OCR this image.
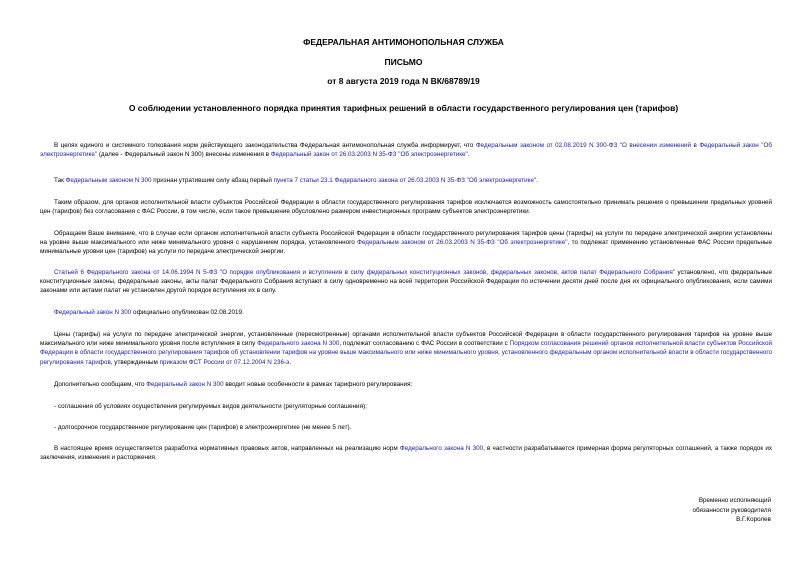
ФЕДЕРАЛЬНАЯ АНТИМОНОПОЛЬНАЯ СЛУЖБА
ПИСЬМО
от 8 августа 2019 года N ВК/68789/19
О соблюдении установленного порядка принятия тарифных решений в области государственного регулирования цен (тарифов)

В целях единого и системного толкования норм действующего законодательства Федеральная антимонопольная служба информирует, что Федеральным законом от 02.08.2019 N 300-ФЗ "О внесении изменений в Федеральный закон "Об электроэнергетике" (далее - Федеральный закон N 300) внесены изменения в Федеральный закон от 26.03.2003 N 35-ФЗ "Об электроэнергетике".

Так Федеральным законом N 300 признан утратившим силу абзац первый пункта 7 статьи 23.1 Федерального закона от 26.03.2003 N 35-ФЗ "Об электроэнергетике".

Таким образом, для органов исполнительной власти субъектов Российской Федерации в области государственного регулирования тарифов исключается возможность самостоятельно принимать решения о превышении предельных уровней цен (тарифов) без согласования с ФАС России, в том числе, если такое превышение обусловлено размером инвестиционных программ субъектов электроэнергетики.

Обращаем Ваше внимание, что в случае если органом исполнительной власти субъекта Российской Федерации в области государственного регулирования тарифов цены (тарифы) на услуги по передаче электрической энергии установлены на уровне выше максимального или ниже минимального уровня с нарушением порядка, установленного Федеральным законом от 26.03.2003 N 35-ФЗ "Об электроэнергетике", то подлежат применению установленные ФАС России предельные минимальные уровни цен (тарифов) на услуги по передаче электрической энергии.

Статьей 6 Федерального закона от 14.06.1994 N 5-ФЗ "О порядке опубликования и вступления в силу федеральных конституционных законов, федеральных законов, актов палат Федерального Собрания" установлено, что федеральные конституционные законы, федеральные законы, акты палат Федерального Собрания вступают в силу одновременно на всей территории Российской Федерации по истечении десяти дней после дня их официального опубликования, если самими законами или актами палат не установлен другой порядок вступления их в силу.

Федеральный закон N 300 официально опубликован 02.08.2019.

Цены (тарифы) на услуги по передаче электрической энергии, установленные (пересмотренные) органами исполнительной власти субъектов Российской Федерации в области государственного регулирования тарифов на уровне выше максимального или ниже минимального уровня после вступления в силу Федерального закона N 300, подлежат согласованию с ФАС России в соответствии с Порядком согласования решений органов исполнительной власти субъектов Российской Федерации в области государственного регулирования тарифов об установлении тарифов на уровне выше максимального или ниже минимального уровня, установленного федеральным органом исполнительной власти в области государственного регулирования тарифов, утвержденным приказом ФСТ России от 07.12.2004 N 236-э.

Дополнительно сообщаем, что Федеральный закон N 300 вводит новые особенности в рамках тарифного регулирования:

- соглашения об условиях осуществления регулируемых видов деятельности (регуляторные соглашения);

- долгосрочное государственное регулирование цен (тарифов) в электроэнергетике (не менее 5 лет).

В настоящее время осуществляется разработка нормативных правовых актов, направленных на реализацию норм Федерального закона N 300, в частности разрабатывается примерная форма регуляторных соглашений, а также порядок их заключения, изменения и расторжения.

Временно исполняющий
обязанности руководителя
В.Г.Королев
